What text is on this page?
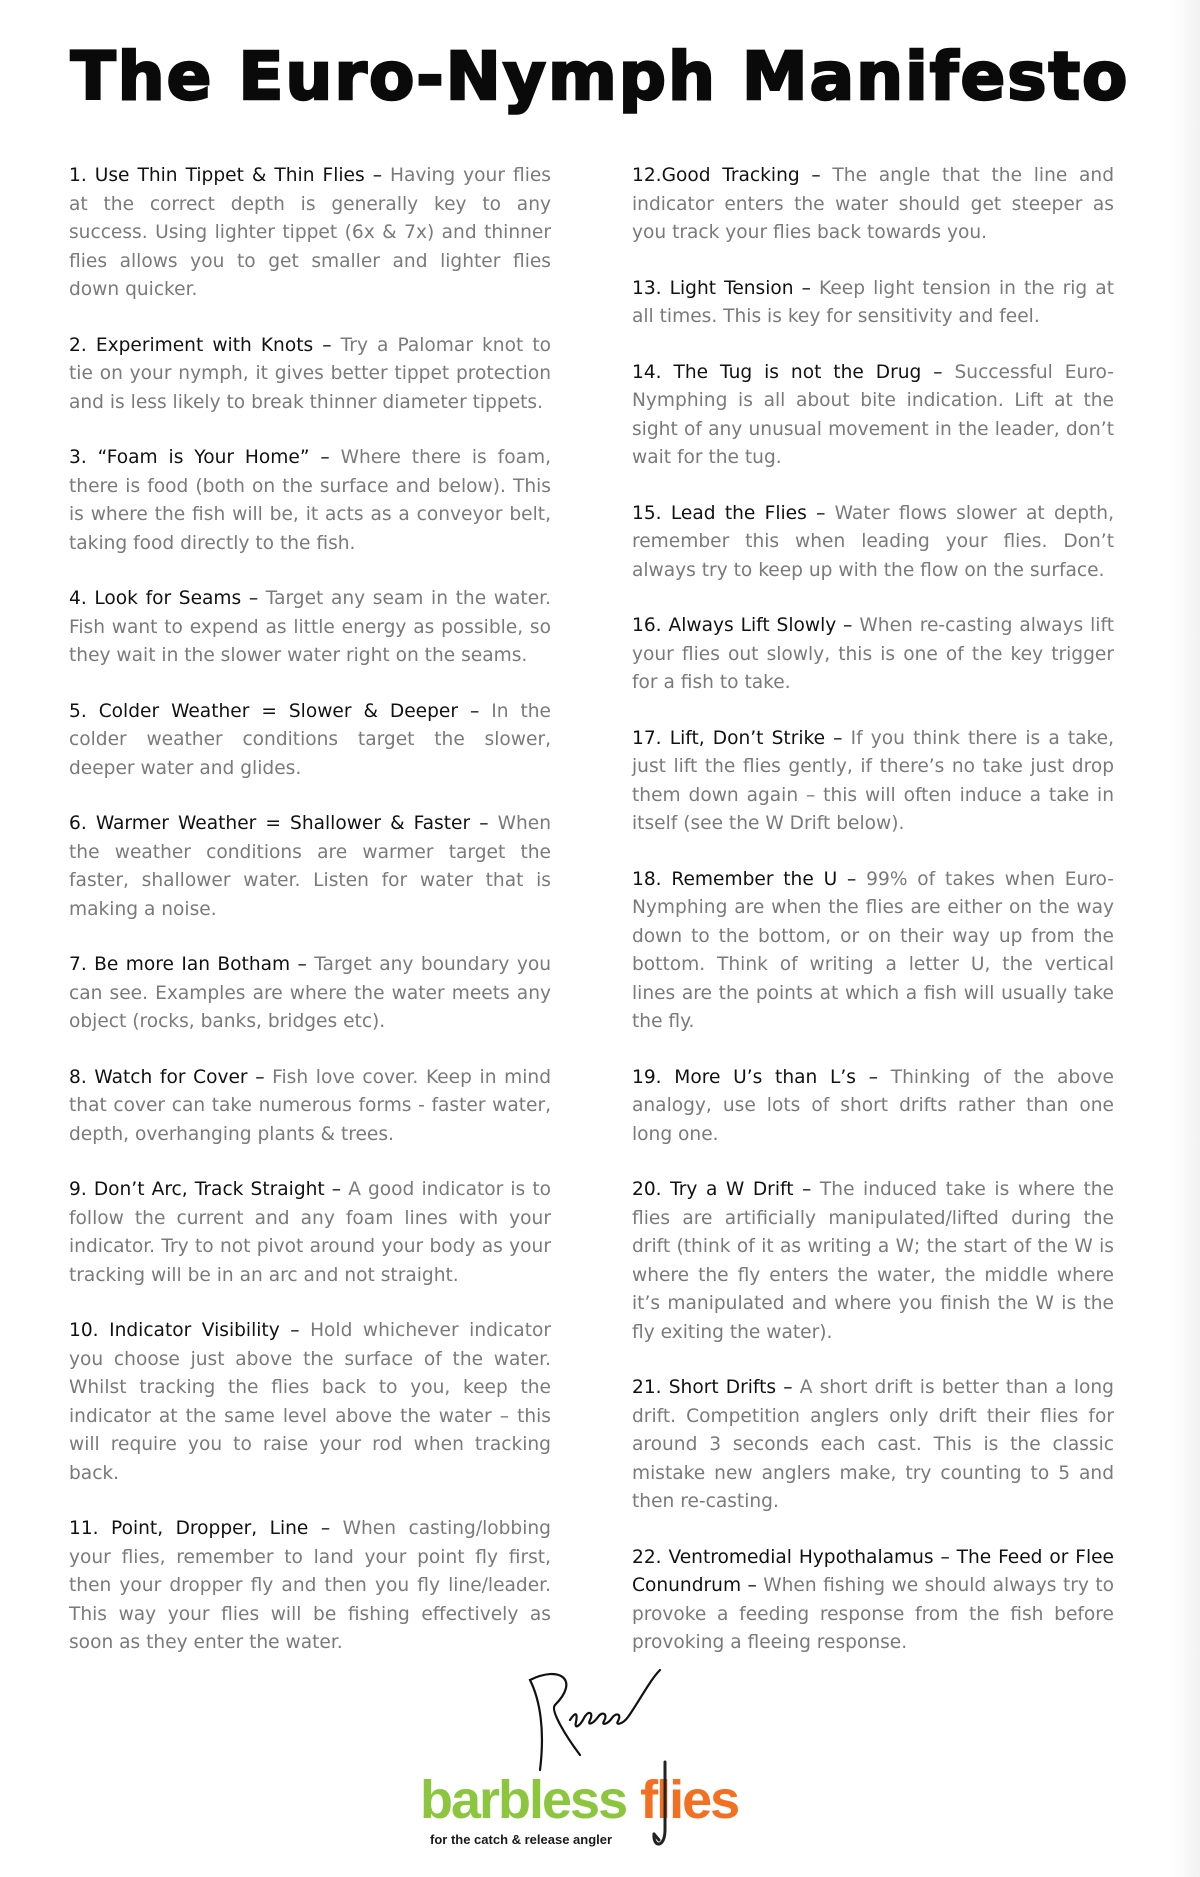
The Euro-Nymph Manifesto

1. Use Thin Tippet & Thin Flies – Having your flies at the correct depth is generally key to any success. Using lighter tippet (6x & 7x) and thinner flies allows you to get smaller and lighter flies down quicker.

2. Experiment with Knots – Try a Palomar knot to tie on your nymph, it gives better tippet protection and is less likely to break thinner diameter tippets.

3. “Foam is Your Home” – Where there is foam, there is food (both on the surface and below). This is where the fish will be, it acts as a conveyor belt, taking food directly to the fish.

4. Look for Seams – Target any seam in the water. Fish want to expend as little energy as possible, so they wait in the slower water right on the seams.

5. Colder Weather = Slower & Deeper – In the colder weather conditions target the slower, deeper water and glides.

6. Warmer Weather = Shallower & Faster – When the weather conditions are warmer target the faster, shallower water. Listen for water that is making a noise.

7. Be more Ian Botham – Target any boundary you can see. Examples are where the water meets any object (rocks, banks, bridges etc).

8. Watch for Cover – Fish love cover. Keep in mind that cover can take numerous forms - faster water, depth, overhanging plants & trees.

9. Don’t Arc, Track Straight – A good indicator is to follow the current and any foam lines with your indicator. Try to not pivot around your body as your tracking will be in an arc and not straight.

10. Indicator Visibility – Hold whichever indicator you choose just above the surface of the water. Whilst tracking the flies back to you, keep the indicator at the same level above the water – this will require you to raise your rod when tracking back.

11. Point, Dropper, Line – When casting/lobbing your flies, remember to land your point fly first, then your dropper fly and then you fly line/leader. This way your flies will be fishing effectively as soon as they enter the water.

12.Good Tracking – The angle that the line and indicator enters the water should get steeper as you track your flies back towards you.

13. Light Tension – Keep light tension in the rig at all times. This is key for sensitivity and feel.

14. The Tug is not the Drug – Successful Euro-Nymphing is all about bite indication. Lift at the sight of any unusual movement in the leader, don’t wait for the tug.

15. Lead the Flies – Water flows slower at depth, remember this when leading your flies. Don’t always try to keep up with the flow on the surface.

16. Always Lift Slowly – When re-casting always lift your flies out slowly, this is one of the key trigger for a fish to take.

17. Lift, Don’t Strike – If you think there is a take, just lift the flies gently, if there’s no take just drop them down again – this will often induce a take in itself (see the W Drift below).

18. Remember the U – 99% of takes when Euro-Nymphing are when the flies are either on the way down to the bottom, or on their way up from the bottom. Think of writing a letter U, the vertical lines are the points at which a fish will usually take the fly.

19. More U’s than L’s – Thinking of the above analogy, use lots of short drifts rather than one long one.

20. Try a W Drift – The induced take is where the flies are artificially manipulated/lifted during the drift (think of it as writing a W; the start of the W is where the fly enters the water, the middle where it’s manipulated and where you finish the W is the fly exiting the water).

21. Short Drifts – A short drift is better than a long drift. Competition anglers only drift their flies for around 3 seconds each cast. This is the classic mistake new anglers make, try counting to 5 and then re-casting.

22. Ventromedial Hypothalamus – The Feed or Flee Conundrum – When fishing we should always try to provoke a feeding response from the fish before provoking a fleeing response.

barbless flies
for the catch & release angler
